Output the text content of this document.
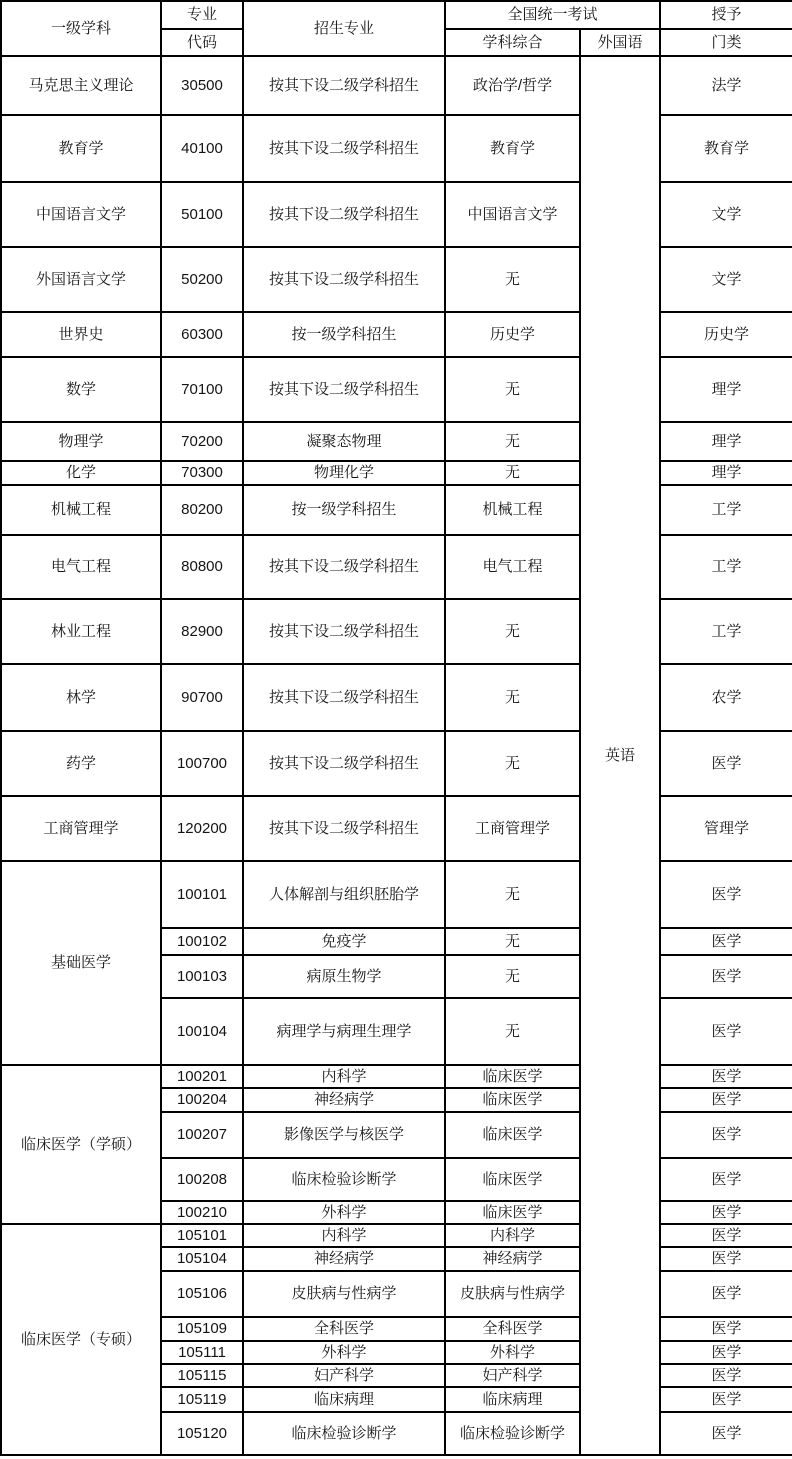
一级学科	专业	招生专业	全国统一考试		授予
	代码		学科综合	外国语	门类
马克思主义理论	30500	按其下设二级学科招生	政治学/哲学	英语	法学
教育学	40100	按其下设二级学科招生	教育学		教育学
中国语言文学	50100	按其下设二级学科招生	中国语言文学		文学
外国语言文学	50200	按其下设二级学科招生	无		文学
世界史	60300	按一级学科招生	历史学		历史学
数学	70100	按其下设二级学科招生	无		理学
物理学	70200	凝聚态物理	无		理学
化学	70300	物理化学	无		理学
机械工程	80200	按一级学科招生	机械工程		工学
电气工程	80800	按其下设二级学科招生	电气工程		工学
林业工程	82900	按其下设二级学科招生	无		工学
林学	90700	按其下设二级学科招生	无		农学
药学	100700	按其下设二级学科招生	无		医学
工商管理学	120200	按其下设二级学科招生	工商管理学		管理学
基础医学	100101	人体解剖与组织胚胎学	无		医学
	100102	免疫学	无		医学
	100103	病原生物学	无		医学
	100104	病理学与病理生理学	无		医学
临床医学（学硕）	100201	内科学	临床医学		医学
	100204	神经病学	临床医学		医学
	100207	影像医学与核医学	临床医学		医学
	100208	临床检验诊断学	临床医学		医学
	100210	外科学	临床医学		医学
临床医学（专硕）	105101	内科学	内科学		医学
	105104	神经病学	神经病学		医学
	105106	皮肤病与性病学	皮肤病与性病学		医学
	105109	全科医学	全科医学		医学
	105111	外科学	外科学		医学
	105115	妇产科学	妇产科学		医学
	105119	临床病理	临床病理		医学
	105120	临床检验诊断学	临床检验诊断学		医学
